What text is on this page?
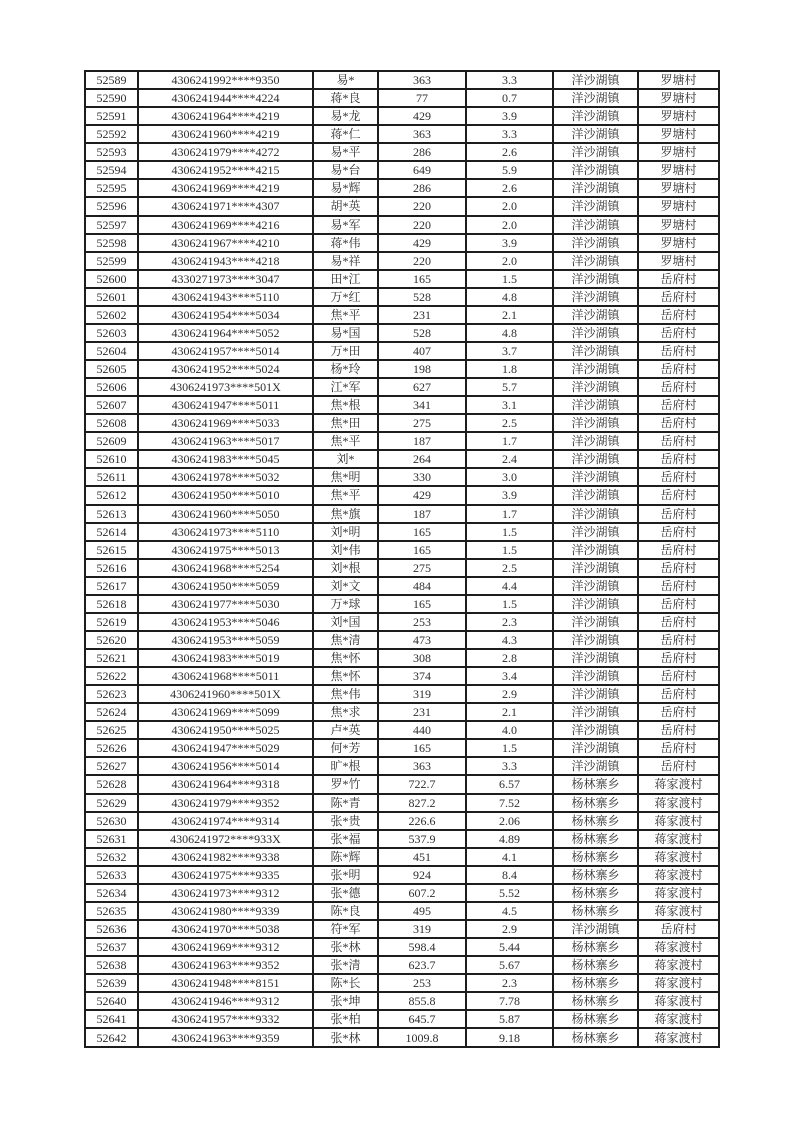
52589	4306241992****9350	易*	363	3.3	洋沙湖镇	罗塘村
52590	4306241944****4224	蒋*良	77	0.7	洋沙湖镇	罗塘村
52591	4306241964****4219	易*龙	429	3.9	洋沙湖镇	罗塘村
52592	4306241960****4219	蒋*仁	363	3.3	洋沙湖镇	罗塘村
52593	4306241979****4272	易*平	286	2.6	洋沙湖镇	罗塘村
52594	4306241952****4215	易*台	649	5.9	洋沙湖镇	罗塘村
52595	4306241969****4219	易*辉	286	2.6	洋沙湖镇	罗塘村
52596	4306241971****4307	胡*英	220	2.0	洋沙湖镇	罗塘村
52597	4306241969****4216	易*军	220	2.0	洋沙湖镇	罗塘村
52598	4306241967****4210	蒋*伟	429	3.9	洋沙湖镇	罗塘村
52599	4306241943****4218	易*祥	220	2.0	洋沙湖镇	罗塘村
52600	4330271973****3047	田*江	165	1.5	洋沙湖镇	岳府村
52601	4306241943****5110	万*红	528	4.8	洋沙湖镇	岳府村
52602	4306241954****5034	焦*平	231	2.1	洋沙湖镇	岳府村
52603	4306241964****5052	易*国	528	4.8	洋沙湖镇	岳府村
52604	4306241957****5014	万*田	407	3.7	洋沙湖镇	岳府村
52605	4306241952****5024	杨*玲	198	1.8	洋沙湖镇	岳府村
52606	4306241973****501X	江*军	627	5.7	洋沙湖镇	岳府村
52607	4306241947****5011	焦*根	341	3.1	洋沙湖镇	岳府村
52608	4306241969****5033	焦*田	275	2.5	洋沙湖镇	岳府村
52609	4306241963****5017	焦*平	187	1.7	洋沙湖镇	岳府村
52610	4306241983****5045	刘*	264	2.4	洋沙湖镇	岳府村
52611	4306241978****5032	焦*明	330	3.0	洋沙湖镇	岳府村
52612	4306241950****5010	焦*平	429	3.9	洋沙湖镇	岳府村
52613	4306241960****5050	焦*旗	187	1.7	洋沙湖镇	岳府村
52614	4306241973****5110	刘*明	165	1.5	洋沙湖镇	岳府村
52615	4306241975****5013	刘*伟	165	1.5	洋沙湖镇	岳府村
52616	4306241968****5254	刘*根	275	2.5	洋沙湖镇	岳府村
52617	4306241950****5059	刘*文	484	4.4	洋沙湖镇	岳府村
52618	4306241977****5030	万*球	165	1.5	洋沙湖镇	岳府村
52619	4306241953****5046	刘*国	253	2.3	洋沙湖镇	岳府村
52620	4306241953****5059	焦*清	473	4.3	洋沙湖镇	岳府村
52621	4306241983****5019	焦*怀	308	2.8	洋沙湖镇	岳府村
52622	4306241968****5011	焦*怀	374	3.4	洋沙湖镇	岳府村
52623	4306241960****501X	焦*伟	319	2.9	洋沙湖镇	岳府村
52624	4306241969****5099	焦*求	231	2.1	洋沙湖镇	岳府村
52625	4306241950****5025	卢*英	440	4.0	洋沙湖镇	岳府村
52626	4306241947****5029	何*芳	165	1.5	洋沙湖镇	岳府村
52627	4306241956****5014	旷*根	363	3.3	洋沙湖镇	岳府村
52628	4306241964****9318	罗*竹	722.7	6.57	杨林寨乡	蒋家渡村
52629	4306241979****9352	陈*青	827.2	7.52	杨林寨乡	蒋家渡村
52630	4306241974****9314	张*贵	226.6	2.06	杨林寨乡	蒋家渡村
52631	4306241972****933X	张*福	537.9	4.89	杨林寨乡	蒋家渡村
52632	4306241982****9338	陈*辉	451	4.1	杨林寨乡	蒋家渡村
52633	4306241975****9335	张*明	924	8.4	杨林寨乡	蒋家渡村
52634	4306241973****9312	张*德	607.2	5.52	杨林寨乡	蒋家渡村
52635	4306241980****9339	陈*良	495	4.5	杨林寨乡	蒋家渡村
52636	4306241970****5038	符*军	319	2.9	洋沙湖镇	岳府村
52637	4306241969****9312	张*林	598.4	5.44	杨林寨乡	蒋家渡村
52638	4306241963****9352	张*清	623.7	5.67	杨林寨乡	蒋家渡村
52639	4306241948****8151	陈*长	253	2.3	杨林寨乡	蒋家渡村
52640	4306241946****9312	张*坤	855.8	7.78	杨林寨乡	蒋家渡村
52641	4306241957****9332	张*柏	645.7	5.87	杨林寨乡	蒋家渡村
52642	4306241963****9359	张*林	1009.8	9.18	杨林寨乡	蒋家渡村
